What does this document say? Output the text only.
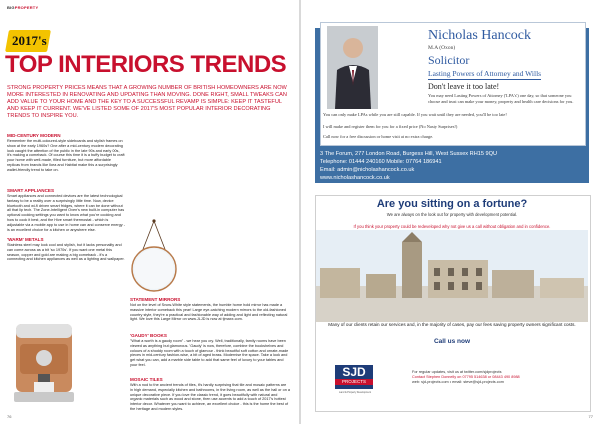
BIGPROPERTY
2017's
TOP INTERIORS TRENDS
STRONG PROPERTY PRICES MEANS THAT A GROWING NUMBER OF BRITISH HOMEOWNERS ARE NOW MORE INTERESTED IN RENOVATING AND UPDATING THAN MOVING. DONE RIGHT, SMALL TWEAKS CAN ADD VALUE TO YOUR HOME AND THE KEY TO A SUCCESSFUL REVAMP IS SIMPLE: KEEP IT TASTEFUL AND KEEP IT CURRENT. WE'VE LISTED SOME OF 2017'S MOST POPULAR INTERIOR DECORATING TRENDS TO INSPIRE YOU.
MID-CENTURY MODERN
Remember the multi-coloured-style sideboards and stylish frames on show at the early 1960s? One after a mid-century modern decorating look caught the attention of the public in the late 90s and early 00s, it's making a comeback. Of course this time it is a buffy budget to craft your home with well-made, filled furniture, but more affordable replicas from brands like Ikea and Habitat make this a surprisingly wallet-friendly trend to take on.
SMART APPLIANCES
Smart appliances and connected devices are the latest technological fantasy to be a reality over a surprisingly little time. Now, device bluetooth and wi-fi driven smart fridges, where it can be done without all that lip tech. The Zone-Intelligent Oven's new built-in computer has optional cooking settings you want to know what you're cooking and how to cook it best, and the Hive smart thermostat - which is adjustable via a mobile app to use in home can and conserve energy - is an excellent choice for a kitchen or anywhere else.
'WARM' METALS
Stainless steel may look cool and stylish, but it lacks personality and can come across as a bit 'so 1970s'. If you want one metal this season, copper and gold are making a big comeback - it's a connecting and kitchen appliances as well as a lighting and wallpaper.
STATEMENT MIRRORS
Not on the level of Snow-White style statements, the humble home hold mirror has made a massive interior comeback this year! Large eye-catching modern mirrors to the old-fashioned country style, they're a practical and fashionable way of adding and light and reflecting natural light. We love this Large Mirror on www.JLJD is now at tjmaxx.com.
'GAUDY' BOOKS
"What a worth is a gaudy room" - we hear you cry. Well, traditionally, family rooms have been viewed as anything but glamorous. 'Gaudy' is now, therefore, combine the bookshelves and colours of a shoddy room with a touch of glamour - think beautiful soft cotton and ornate-made pieces in mid-century fashion-wise, a bit of aged brass. Modernise the space. Take a look and get what you can, add a marble side table to add that same feel of luxury to your tables and your feel.
MOSAIC TILES
With a nod to the ancient trends of tiles, it's hardly surprising that tile and mosaic patterns are in high demand, especially kitchen and bathrooms, in the living room, as well as the hall or on a unique decorative piece. If you love the classic trend, it goes beautifully with natural and organic materials such as wood and stone, then use accents to add a touch of 2017's hottest interior decor. Whatever you want to achieve, an excellent choice - this is the home the best of the heritage and modern styles.
76
Nicholas Hancock
M.A (Oxon)
Solicitor
Lasting Powers of Attorney and Wills
Don't leave it too late!
You may need Lasting Powers of Attorney ('LPA's') one day, so that someone you choose and trust can make your money, property and health care decisions for you.
You can only make LPAs while you are still capable. If you wait until they are needed, you'll be too late!
I will make and register them for you for a fixed price (No Nasty Surprises!)
Call now for a free discussion or home visit at no extra charge.
3 The Forum, 277 London Road, Burgess Hill, West Sussex RH15 9QU
Telephone: 01444 240160 Mobile: 07764 186941
Email: admin@nicholashancock.co.uk
www.nicholashancock.co.uk
Are you sitting on a fortune?
We are always on the look out for property with development potential.
If you think your property could be redeveloped why not give us a call without obligation and in confidence.
Many of our clients retain our services and, in the majority of cases, pay our fees saving property owners significant costs.
Call us now
SJD
PROJECTS
Land & Property Development
For regular updates, visit us at twitter.com/sjdprojects
Contact Stephen Donnelly on 07795 514638 or 08443 490 8988
web: sjd-projects.com • email: steve@sjd-projects.com
77
